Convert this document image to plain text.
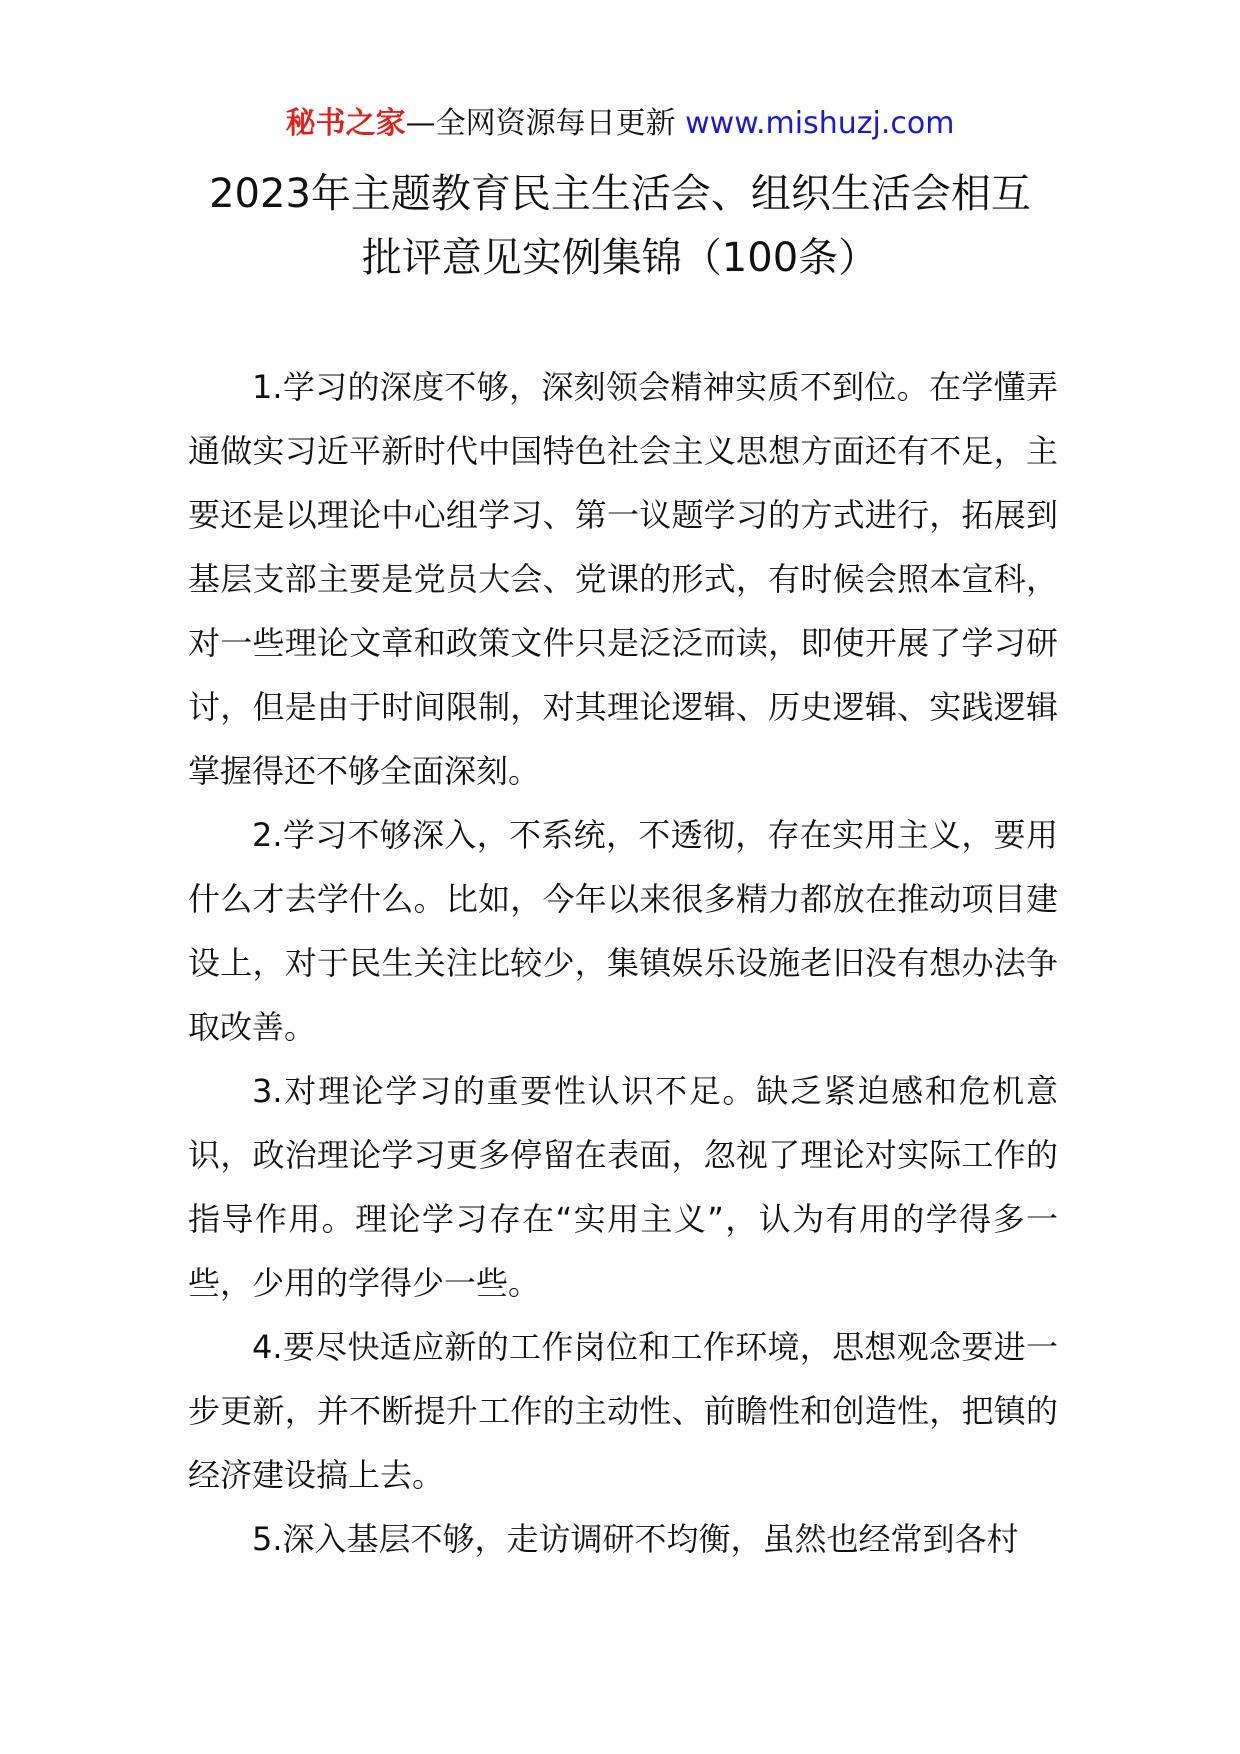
秘书之家—全网资源每日更新 www.mishuzj.com
2023年主题教育民主生活会、组织生活会相互
批评意见实例集锦（100条）

1.学习的深度不够，深刻领会精神实质不到位。在学懂弄通做实习近平新时代中国特色社会主义思想方面还有不足，主要还是以理论中心组学习、第一议题学习的方式进行，拓展到基层支部主要是党员大会、党课的形式，有时候会照本宣科，对一些理论文章和政策文件只是泛泛而读，即使开展了学习研讨，但是由于时间限制，对其理论逻辑、历史逻辑、实践逻辑掌握得还不够全面深刻。

2.学习不够深入，不系统，不透彻，存在实用主义，要用什么才去学什么。比如，今年以来很多精力都放在推动项目建设上，对于民生关注比较少，集镇娱乐设施老旧没有想办法争取改善。

3.对理论学习的重要性认识不足。缺乏紧迫感和危机意识，政治理论学习更多停留在表面，忽视了理论对实际工作的指导作用。理论学习存在“实用主义”，认为有用的学得多一些，少用的学得少一些。

4.要尽快适应新的工作岗位和工作环境，思想观念要进一步更新，并不断提升工作的主动性、前瞻性和创造性，把镇的经济建设搞上去。

5.深入基层不够，走访调研不均衡，虽然也经常到各村
